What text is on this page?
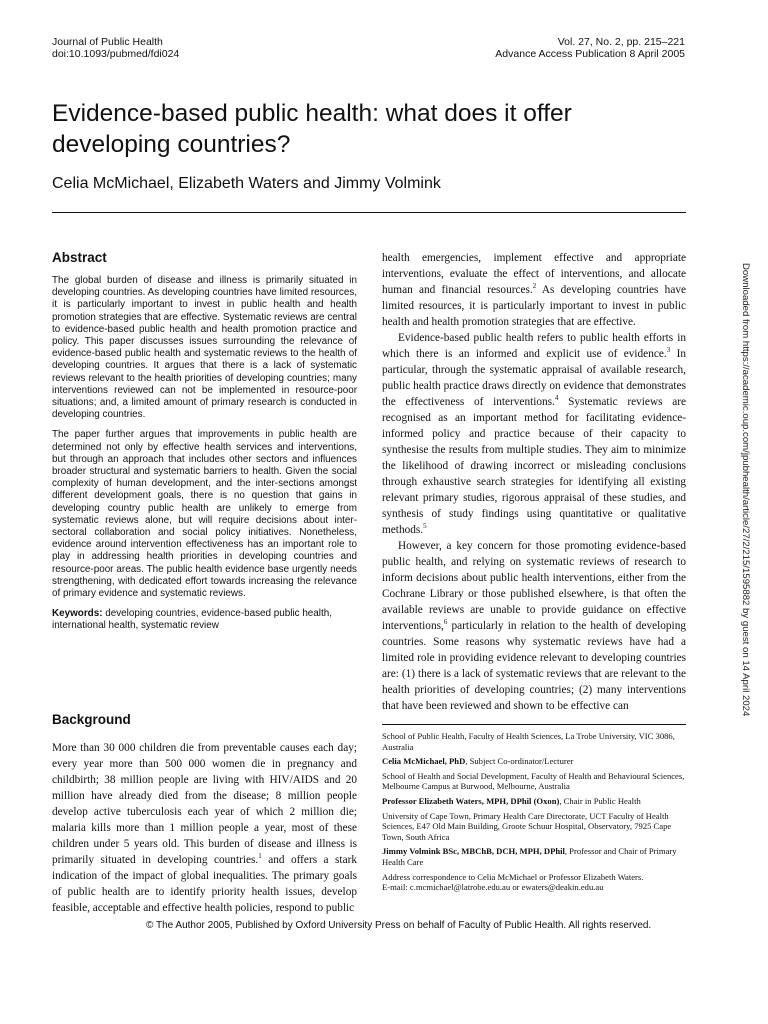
Journal of Public Health
doi:10.1093/pubmed/fdi024
Vol. 27, No. 2, pp. 215–221
Advance Access Publication 8 April 2005
Evidence-based public health: what does it offer developing countries?
Celia McMichael, Elizabeth Waters and Jimmy Volmink
Abstract

The global burden of disease and illness is primarily situated in developing countries. As developing countries have limited resources, it is particularly important to invest in public health and health promotion strategies that are effective. Systematic reviews are central to evidence-based public health and health promotion practice and policy. This paper discusses issues surrounding the relevance of evidence-based public health and systematic reviews to the health of developing countries. It argues that there is a lack of systematic reviews relevant to the health priorities of developing countries; many interventions reviewed can not be implemented in resource-poor situations; and, a limited amount of primary research is conducted in developing countries.

The paper further argues that improvements in public health are determined not only by effective health services and interventions, but through an approach that includes other sectors and influences broader structural and systematic barriers to health. Given the social complexity of human development, and the inter-sections amongst different development goals, there is no question that gains in developing country public health are unlikely to emerge from systematic reviews alone, but will require decisions about inter-sectoral collaboration and social policy initiatives. Nonetheless, evidence around intervention effectiveness has an important role to play in addressing health priorities in developing countries and resource-poor areas. The public health evidence base urgently needs strengthening, with dedicated effort towards increasing the relevance of primary evidence and systematic reviews.

Keywords: developing countries, evidence-based public health, international health, systematic review

Background

More than 30 000 children die from preventable causes each day; every year more than 500 000 women die in pregnancy and childbirth; 38 million people are living with HIV/AIDS and 20 million have already died from the disease; 8 million people develop active tuberculosis each year of which 2 million die; malaria kills more than 1 million people a year, most of these children under 5 years old. This burden of disease and illness is primarily situated in developing countries.$^1$ and offers a stark indication of the impact of global inequalities. The primary goals of public health are to identify priority health issues, develop feasible, acceptable and effective health policies, respond to public

health emergencies, implement effective and appropriate interventions, evaluate the effect of interventions, and allocate human and financial resources.$^2$ As developing countries have limited resources, it is particularly important to invest in public health and health promotion strategies that are effective.

Evidence-based public health refers to public health efforts in which there is an informed and explicit use of evidence.$^3$ In particular, through the systematic appraisal of available research, public health practice draws directly on evidence that demonstrates the effectiveness of interventions.$^4$ Systematic reviews are recognised as an important method for facilitating evidence-informed policy and practice because of their capacity to synthesise the results from multiple studies. They aim to minimize the likelihood of drawing incorrect or misleading conclusions through exhaustive search strategies for identifying all existing relevant primary studies, rigorous appraisal of these studies, and synthesis of study findings using quantitative or qualitative methods.$^5$

However, a key concern for those promoting evidence-based public health, and relying on systematic reviews of research to inform decisions about public health interventions, either from the Cochrane Library or those published elsewhere, is that often the available reviews are unable to provide guidance on effective interventions,$^6$ particularly in relation to the health of developing countries. Some reasons why systematic reviews have had a limited role in providing evidence relevant to developing countries are: (1) there is a lack of systematic reviews that are relevant to the health priorities of developing countries; (2) many interventions that have been reviewed and shown to be effective can

School of Public Health, Faculty of Health Sciences, La Trobe University, VIC 3086, Australia

Celia McMichael, PhD, Subject Co-ordinator/Lecturer

School of Health and Social Development, Faculty of Health and Behavioural Sciences, Melbourne Campus at Burwood, Melbourne, Australia

Professor Elizabeth Waters, MPH, DPhil (Oxon), Chair in Public Health

University of Cape Town, Primary Health Care Directorate, UCT Faculty of Health Sciences, E47 Old Main Building, Groote Schuur Hospital, Observatory, 7925 Cape Town, South Africa

Jimmy Volmink BSc, MBChB, DCH, MPH, DPhil, Professor and Chair of Primary Health Care

Address correspondence to Celia McMichael or Professor Elizabeth Waters.
E-mail: c.mcmichael@latrobe.edu.au or ewaters@deakin.edu.au

© The Author 2005, Published by Oxford University Press on behalf of Faculty of Public Health. All rights reserved.
Downloaded from https://academic.oup.com/jpubhealth/article/27/2/215/1595882 by guest on 14 April 2024
